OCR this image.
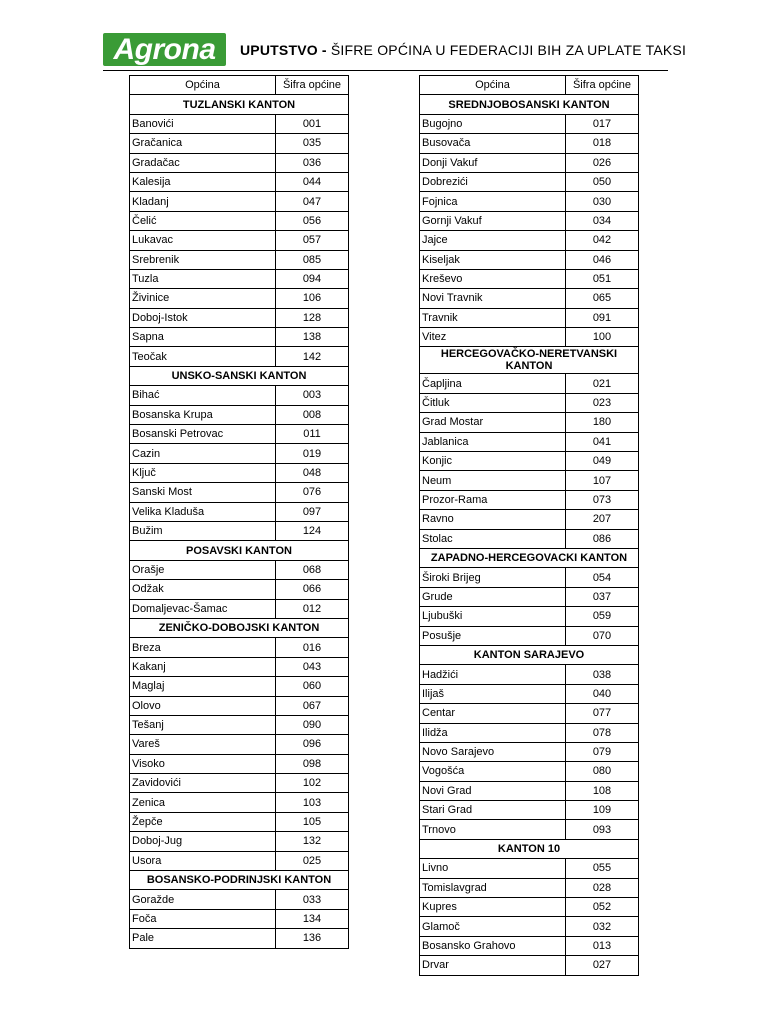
Agrona	UPUTSTVO - ŠIFRE OPĆINA U FEDERACIJI BIH ZA UPLATE TAKSI
Općina	Šifra općine
TUZLANSKI KANTON	
Banovići	001
Gračanica	035
Gradačac	036
Kalesija	044
Kladanj	047
Čelić	056
Lukavac	057
Srebrenik	085
Tuzla	094
Živinice	106
Doboj-Istok	128
Sapna	138
Teočak	142
UNSKO-SANSKI KANTON	
Bihać	003
Bosanska Krupa	008
Bosanski Petrovac	011
Cazin	019
Ključ	048
Sanski Most	076
Velika Kladuša	097
Bužim	124
POSAVSKI KANTON	
Orašje	068
Odžak	066
Domaljevac-Šamac	012
ZENIČKO-DOBOJSKI KANTON	
Breza	016
Kakanj	043
Maglaj	060
Olovo	067
Tešanj	090
Vareš	096
Visoko	098
Zavidovići	102
Zenica	103
Žepče	105
Doboj-Jug	132
Usora	025
BOSANSKO-PODRINJSKI KANTON	
Goražde	033
Foča	134
Pale	136
Općina	Šifra općine
SREDNJOBOSANSKI KANTON	
Bugojno	017
Busovača	018
Donji Vakuf	026
Dobrezići	050
Fojnica	030
Gornji Vakuf	034
Jajce	042
Kiseljak	046
Kreševo	051
Novi Travnik	065
Travnik	091
Vitez	100
HERCEGOVAČKO-NERETVANSKI KANTON	
Čapljina	021
Čitluk	023
Grad Mostar	180
Jablanica	041
Konjic	049
Neum	107
Prozor-Rama	073
Ravno	207
Stolac	086
ZAPADNO-HERCEGOVACKI KANTON	
Široki Brijeg	054
Grude	037
Ljubuški	059
Posušje	070
KANTON SARAJEVO	
Hadžići	038
Ilijaš	040
Centar	077
Ilidža	078
Novo Sarajevo	079
Vogošća	080
Novi Grad	108
Stari Grad	109
Trnovo	093
KANTON 10	
Livno	055
Tomislavgrad	028
Kupres	052
Glamoč	032
Bosansko Grahovo	013
Drvar	027
